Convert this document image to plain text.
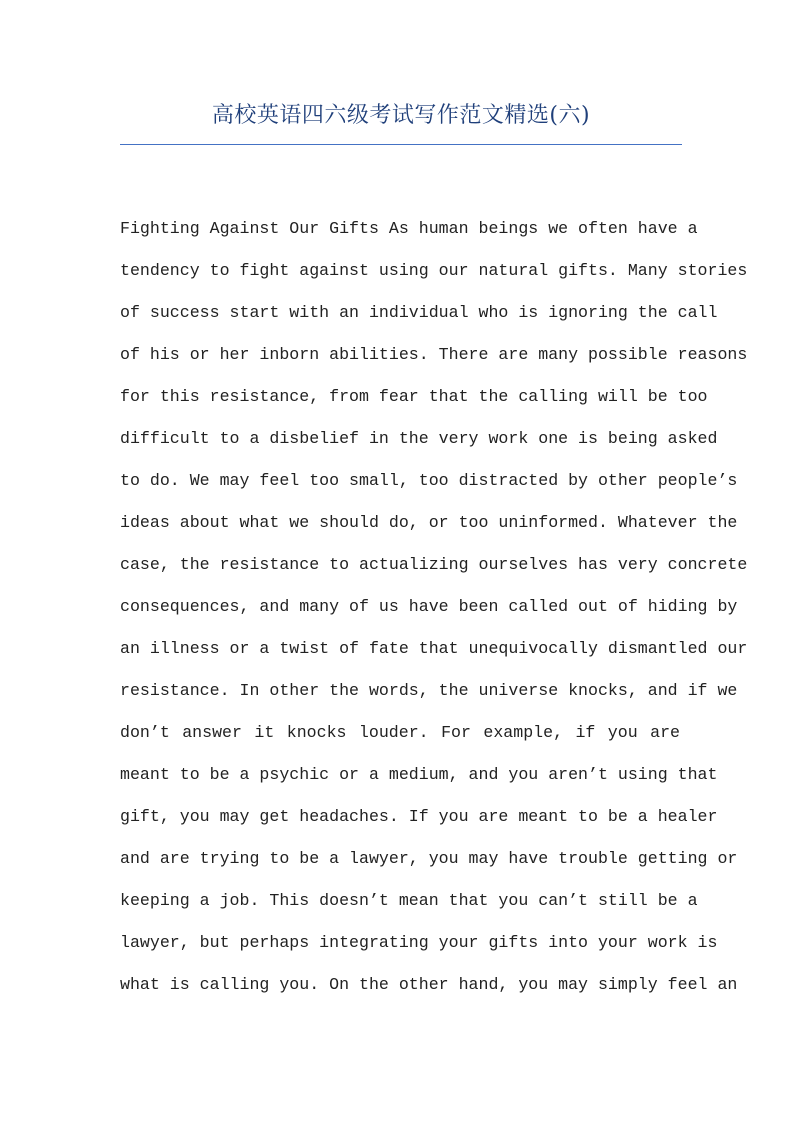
高校英语四六级考试写作范文精选(六)
Fighting Against Our Gifts As human beings we often have a
tendency to fight against using our natural gifts. Many stories
of success start with an individual who is ignoring the call
of his or her inborn abilities. There are many possible reasons
for this resistance, from fear that the calling will be too
difficult to a disbelief in the very work one is being asked
to do. We may feel too small, too distracted by other people’s
ideas about what we should do, or too uninformed. Whatever the
case, the resistance to actualizing ourselves has very concrete
consequences, and many of us have been called out of hiding by
an illness or a twist of fate that unequivocally dismantled our
resistance. In other the words, the universe knocks, and if we
don’t answer it knocks louder. For example, if you are
meant to be a psychic or a medium, and you aren’t using that
gift, you may get headaches. If you are meant to be a healer
and are trying to be a lawyer, you may have trouble getting or
keeping a job. This doesn’t mean that you can’t still be a
lawyer, but perhaps integrating your gifts into your work is
what is calling you. On the other hand, you may simply feel an
